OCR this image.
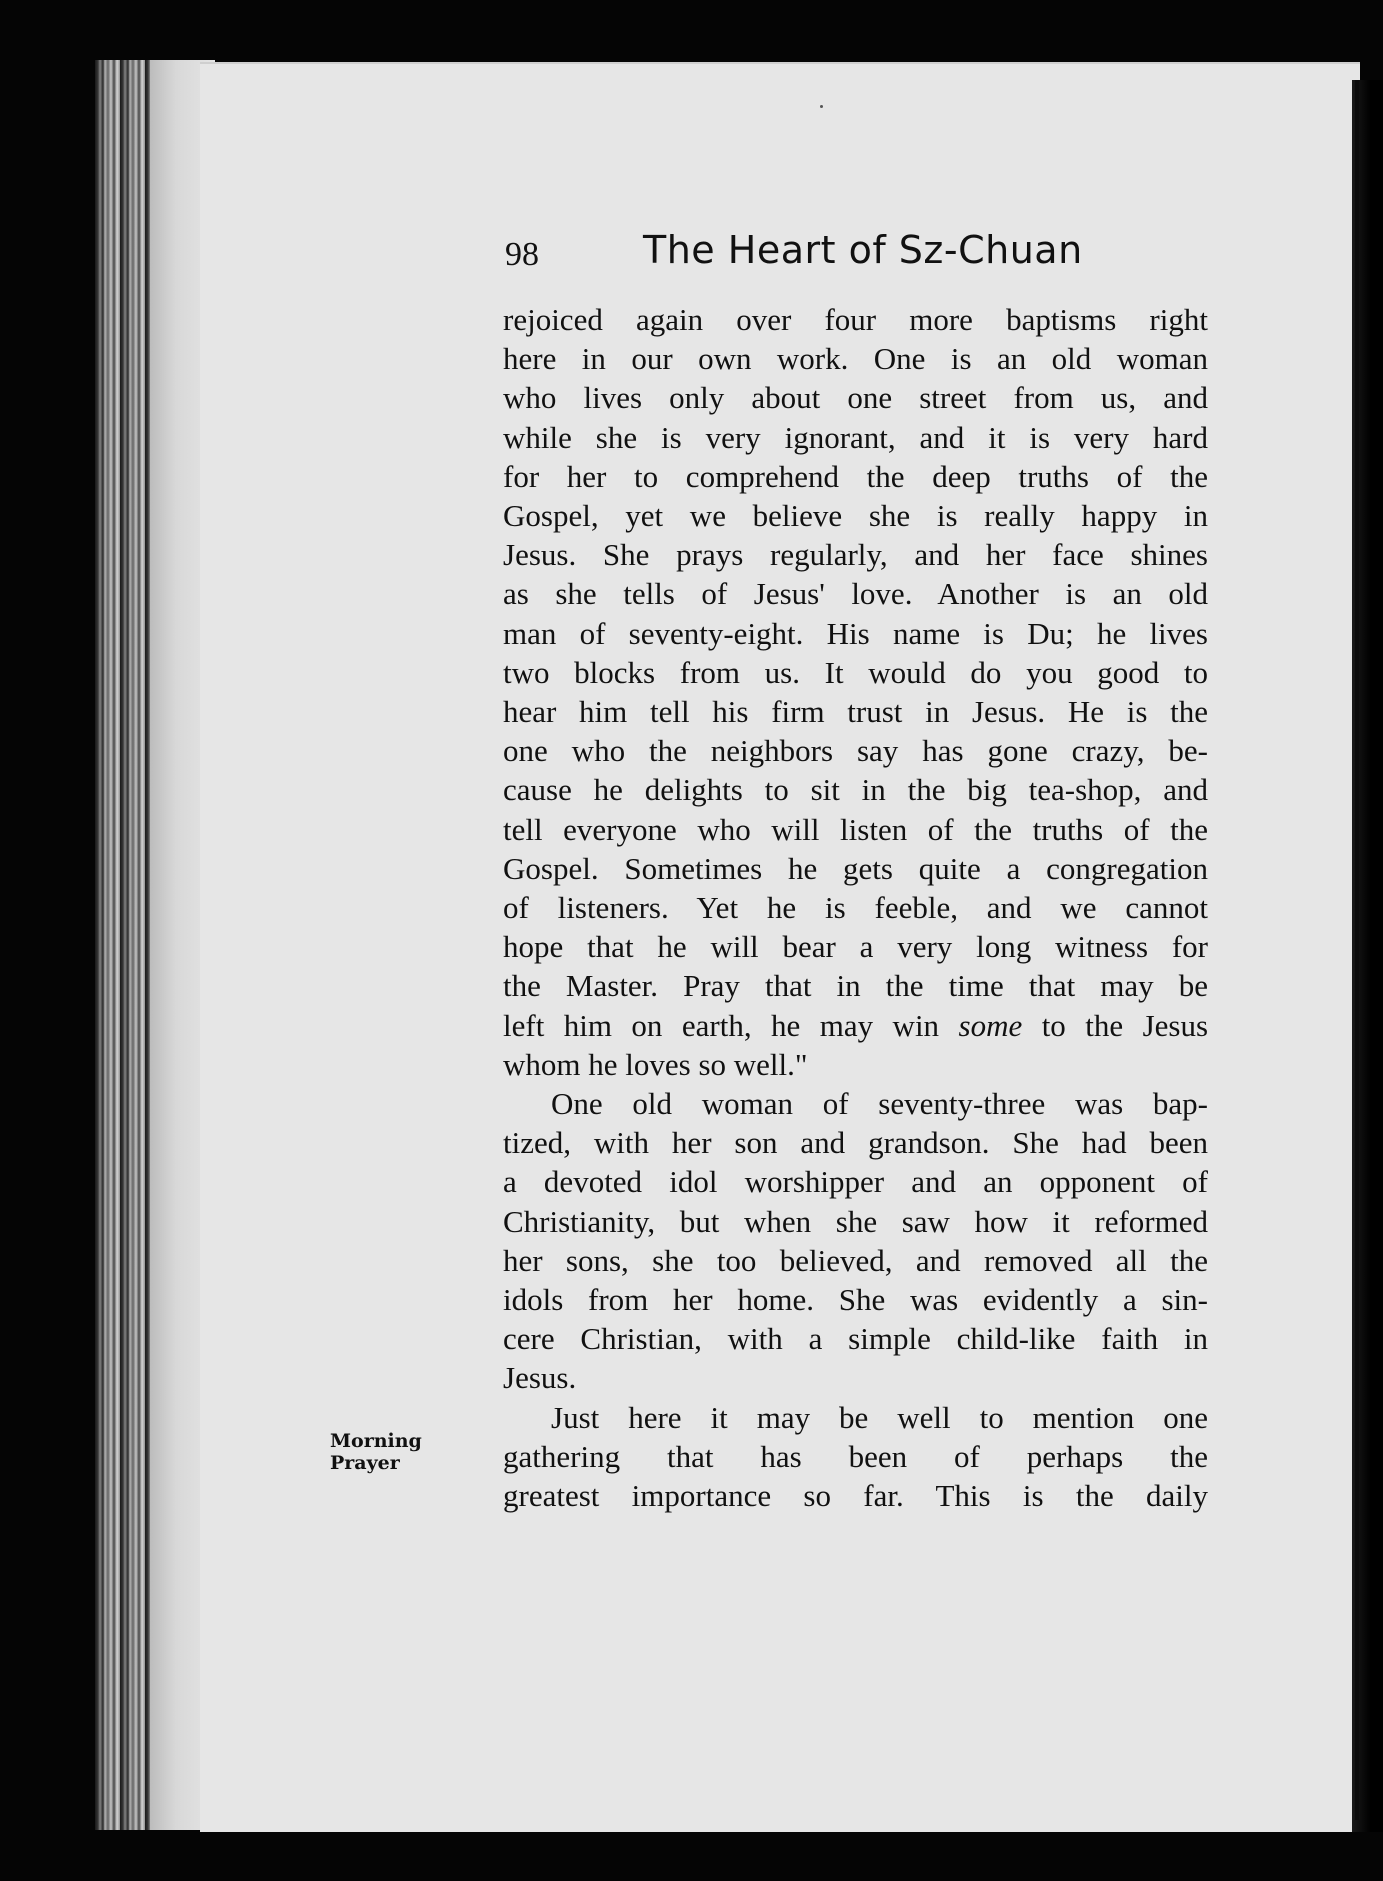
98	The Heart of Sz-Chuan
Morning
Prayer
rejoiced again over four more baptisms right
here in our own work. One is an old woman
who lives only about one street from us, and
while she is very ignorant, and it is very hard
for her to comprehend the deep truths of the
Gospel, yet we believe she is really happy in
Jesus. She prays regularly, and her face shines
as she tells of Jesus' love. Another is an old
man of seventy-eight. His name is Du; he lives
two blocks from us. It would do you good to
hear him tell his firm trust in Jesus. He is the
one who the neighbors say has gone crazy, be-
cause he delights to sit in the big tea-shop, and
tell everyone who will listen of the truths of the
Gospel. Sometimes he gets quite a congregation
of listeners. Yet he is feeble, and we cannot
hope that he will bear a very long witness for
the Master. Pray that in the time that may be
left him on earth, he may win some to the Jesus
whom he loves so well."
One old woman of seventy-three was bap-
tized, with her son and grandson. She had been
a devoted idol worshipper and an opponent of
Christianity, but when she saw how it reformed
her sons, she too believed, and removed all the
idols from her home. She was evidently a sin-
cere Christian, with a simple child-like faith in
Jesus.
Just here it may be well to mention one
gathering that has been of perhaps the
greatest importance so far. This is the daily
